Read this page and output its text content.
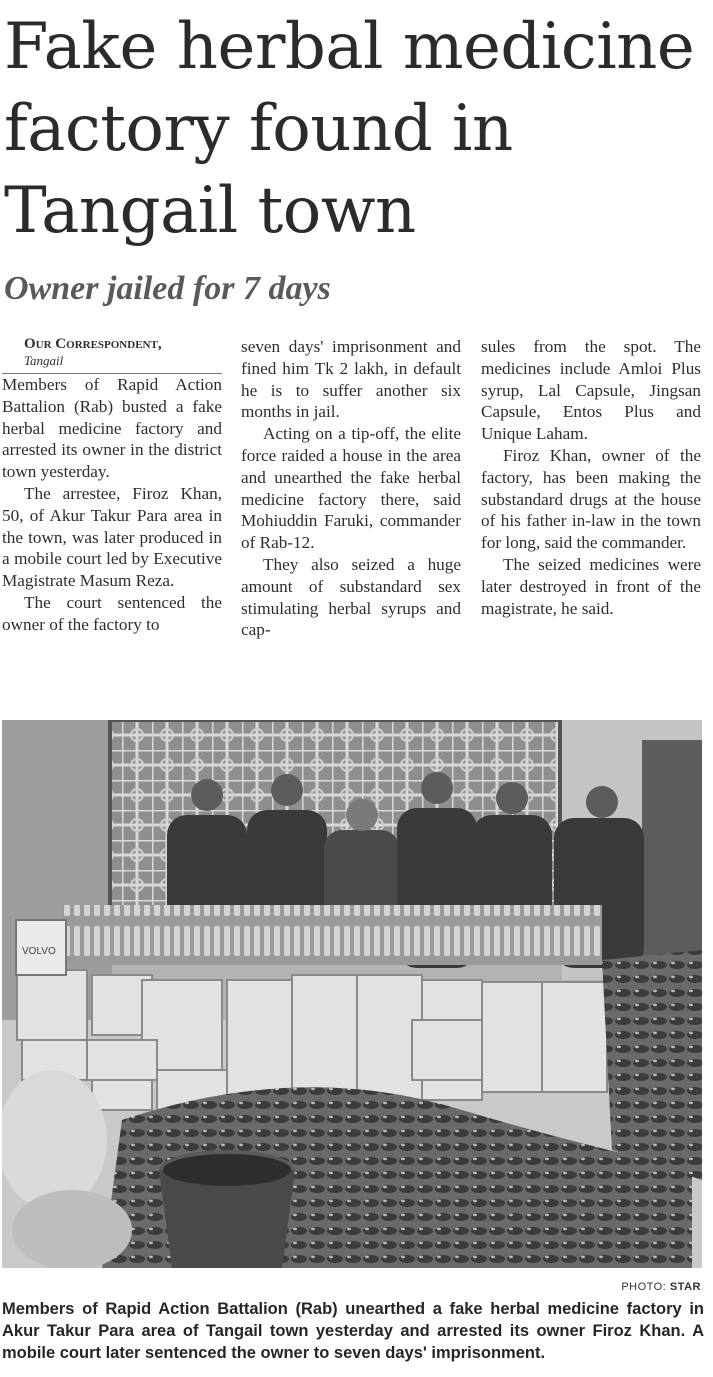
Fake herbal medicine factory found in Tangail town
Owner jailed for 7 days

Our Correspondent,

Tangail

Members of Rapid Action Battalion (Rab) busted a fake herbal medicine factory and arrested its owner in the district town yesterday.

The arrestee, Firoz Khan, 50, of Akur Takur Para area in the town, was later produced in a mobile court led by Executive Magistrate Masum Reza.

The court sentenced the owner of the factory to

seven days' imprisonment and fined him Tk 2 lakh, in default he is to suffer another six months in jail.

Acting on a tip-off, the elite force raided a house in the area and unearthed the fake herbal medicine factory there, said Mohiuddin Faruki, commander of Rab-12.

They also seized a huge amount of substandard sex stimulating herbal syrups and cap-

sules from the spot. The medicines include Amloi Plus syrup, Lal Capsule, Jingsan Capsule, Entos Plus and Unique Laham.

Firoz Khan, owner of the factory, has been making the substandard drugs at the house of his father in-law in the town for long, said the commander.

The seized medicines were later destroyed in front of the magistrate, he said.

VOLVO
PHOTO: STAR
Members of Rapid Action Battalion (Rab) unearthed a fake herbal medicine factory in Akur Takur Para area of Tangail town yesterday and arrested its owner Firoz Khan. A mobile court later sentenced the owner to seven days' imprisonment.
